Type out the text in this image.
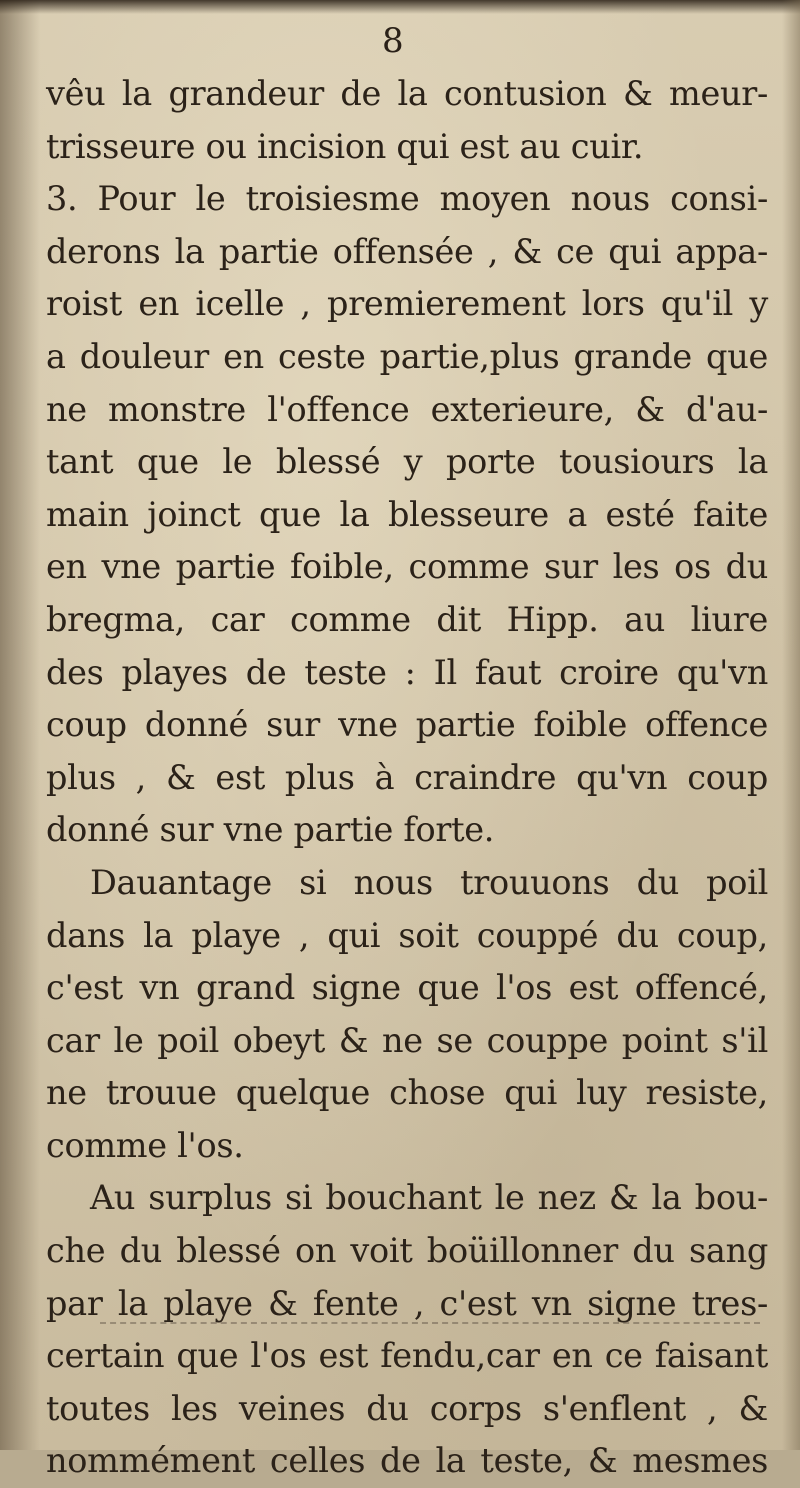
8
vêu la grandeur de la contusion & meur-
trisseure ou incision qui est au cuir.
3. Pour le troisiesme moyen nous consi-
derons la partie offensée , & ce qui appa-
roist en icelle , premierement lors qu'il y
a douleur en ceste partie,plus grande que
ne monstre l'offence exterieure, & d'au-
tant que le blessé y porte tousiours la
main joinct que la blesseure a esté faite
en vne partie foible, comme sur les os du
bregma, car comme dit Hipp. au liure
des playes de teste : Il faut croire qu'vn
coup donné sur vne partie foible offence
plus , & est plus à craindre qu'vn coup
donné sur vne partie forte.
Dauantage si nous trouuons du poil
dans la playe , qui soit couppé du coup,
c'est vn grand signe que l'os est offencé,
car le poil obeyt & ne se couppe point s'il
ne trouue quelque chose qui luy resiste,
comme l'os.
Au surplus si bouchant le nez & la bou-
che du blessé on voit boüillonner du sang
par la playe & fente , c'est vn signe tres-
certain que l'os est fendu,car en ce faisant
toutes les veines du corps s'enflent , &
nommément celles de la teste, & mesmes
